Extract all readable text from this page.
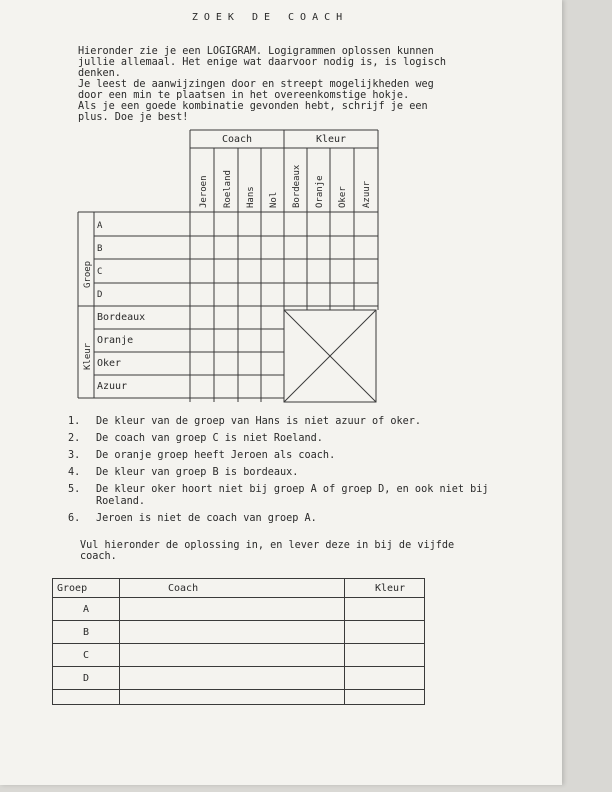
ZOEK DE COACH
Hieronder zie je een LOGIGRAM. Logigrammen oplossen kunnen
jullie allemaal. Het enige wat daarvoor nodig is, is logisch
denken.
Je leest de aanwijzingen door en streept mogelijkheden weg
door een min te plaatsen in het overeenkomstige hokje.
Als je een goede kombinatie gevonden hebt, schrijf je een
plus. Doe je best!
Coach	Kleur
Jeroen Roeland Hans Nol Bordeaux Oranje Oker Azuur
Groep
Kleur
A
B
C
D
Bordeaux
Oranje
Oker
Azuur
1.	De kleur van de groep van Hans is niet azuur of oker.
2.	De coach van groep C is niet Roeland.
3.	De oranje groep heeft Jeroen als coach.
4.	De kleur van groep B is bordeaux.
5.	De kleur oker hoort niet bij groep A of groep D, en ook niet bij Roeland.
6.	Jeroen is niet de coach van groep A.
Vul hieronder de oplossing in, en lever deze in bij de vijfde
coach.
Groep	Coach	Kleur
A		
B		
C		
D		
